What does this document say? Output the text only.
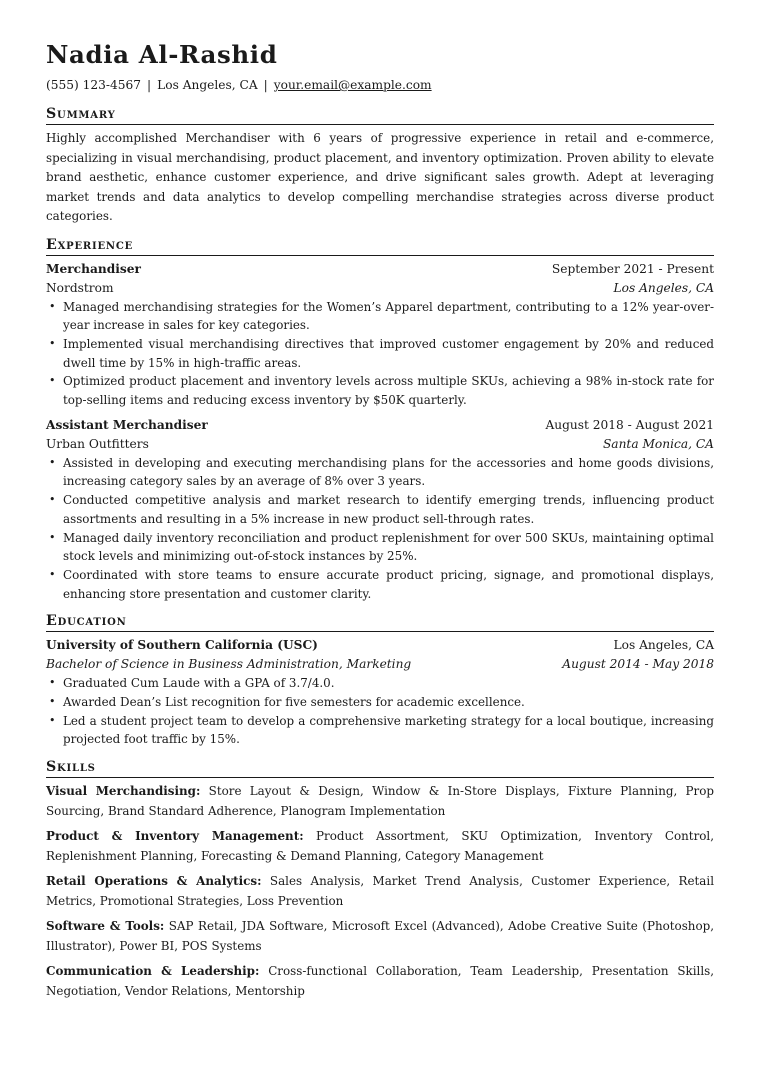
Nadia Al-Rashid
(555) 123-4567 | Los Angeles, CA | your.email@example.com
Summary

Highly accomplished Merchandiser with 6 years of progressive experience in retail and e-commerce, specializing in visual merchandising, product placement, and inventory optimization. Proven ability to elevate brand aesthetic, enhance customer experience, and drive significant sales growth. Adept at leveraging market trends and data analytics to develop compelling merchandise strategies across diverse product categories.

Experience
Merchandiser	September 2021 - Present
Nordstrom	Los Angeles, CA
• Managed merchandising strategies for the Women’s Apparel department, contributing to a 12% year-over-year increase in sales for key categories.
• Implemented visual merchandising directives that improved customer engagement by 20% and reduced dwell time by 15% in high-traffic areas.
• Optimized product placement and inventory levels across multiple SKUs, achieving a 98% in-stock rate for top-selling items and reducing excess inventory by $50K quarterly.
Assistant Merchandiser	August 2018 - August 2021
Urban Outfitters	Santa Monica, CA
• Assisted in developing and executing merchandising plans for the accessories and home goods divisions, increasing category sales by an average of 8% over 3 years.
• Conducted competitive analysis and market research to identify emerging trends, influencing product assortments and resulting in a 5% increase in new product sell-through rates.
• Managed daily inventory reconciliation and product replenishment for over 500 SKUs, maintaining optimal stock levels and minimizing out-of-stock instances by 25%.
• Coordinated with store teams to ensure accurate product pricing, signage, and promotional displays, enhancing store presentation and customer clarity.
Education
University of Southern California (USC)	Los Angeles, CA
Bachelor of Science in Business Administration, Marketing	August 2014 - May 2018
• Graduated Cum Laude with a GPA of 3.7/4.0.
• Awarded Dean’s List recognition for five semesters for academic excellence.
• Led a student project team to develop a comprehensive marketing strategy for a local boutique, increasing projected foot traffic by 15%.
Skills

Visual Merchandising: Store Layout & Design, Window & In-Store Displays, Fixture Planning, Prop Sourcing, Brand Standard Adherence, Planogram Implementation

Product & Inventory Management: Product Assortment, SKU Optimization, Inventory Control, Replenishment Planning, Forecasting & Demand Planning, Category Management

Retail Operations & Analytics: Sales Analysis, Market Trend Analysis, Customer Experience, Retail Metrics, Promotional Strategies, Loss Prevention

Software & Tools: SAP Retail, JDA Software, Microsoft Excel (Advanced), Adobe Creative Suite (Photoshop, Illustrator), Power BI, POS Systems

Communication & Leadership: Cross-functional Collaboration, Team Leadership, Presentation Skills, Negotiation, Vendor Relations, Mentorship
